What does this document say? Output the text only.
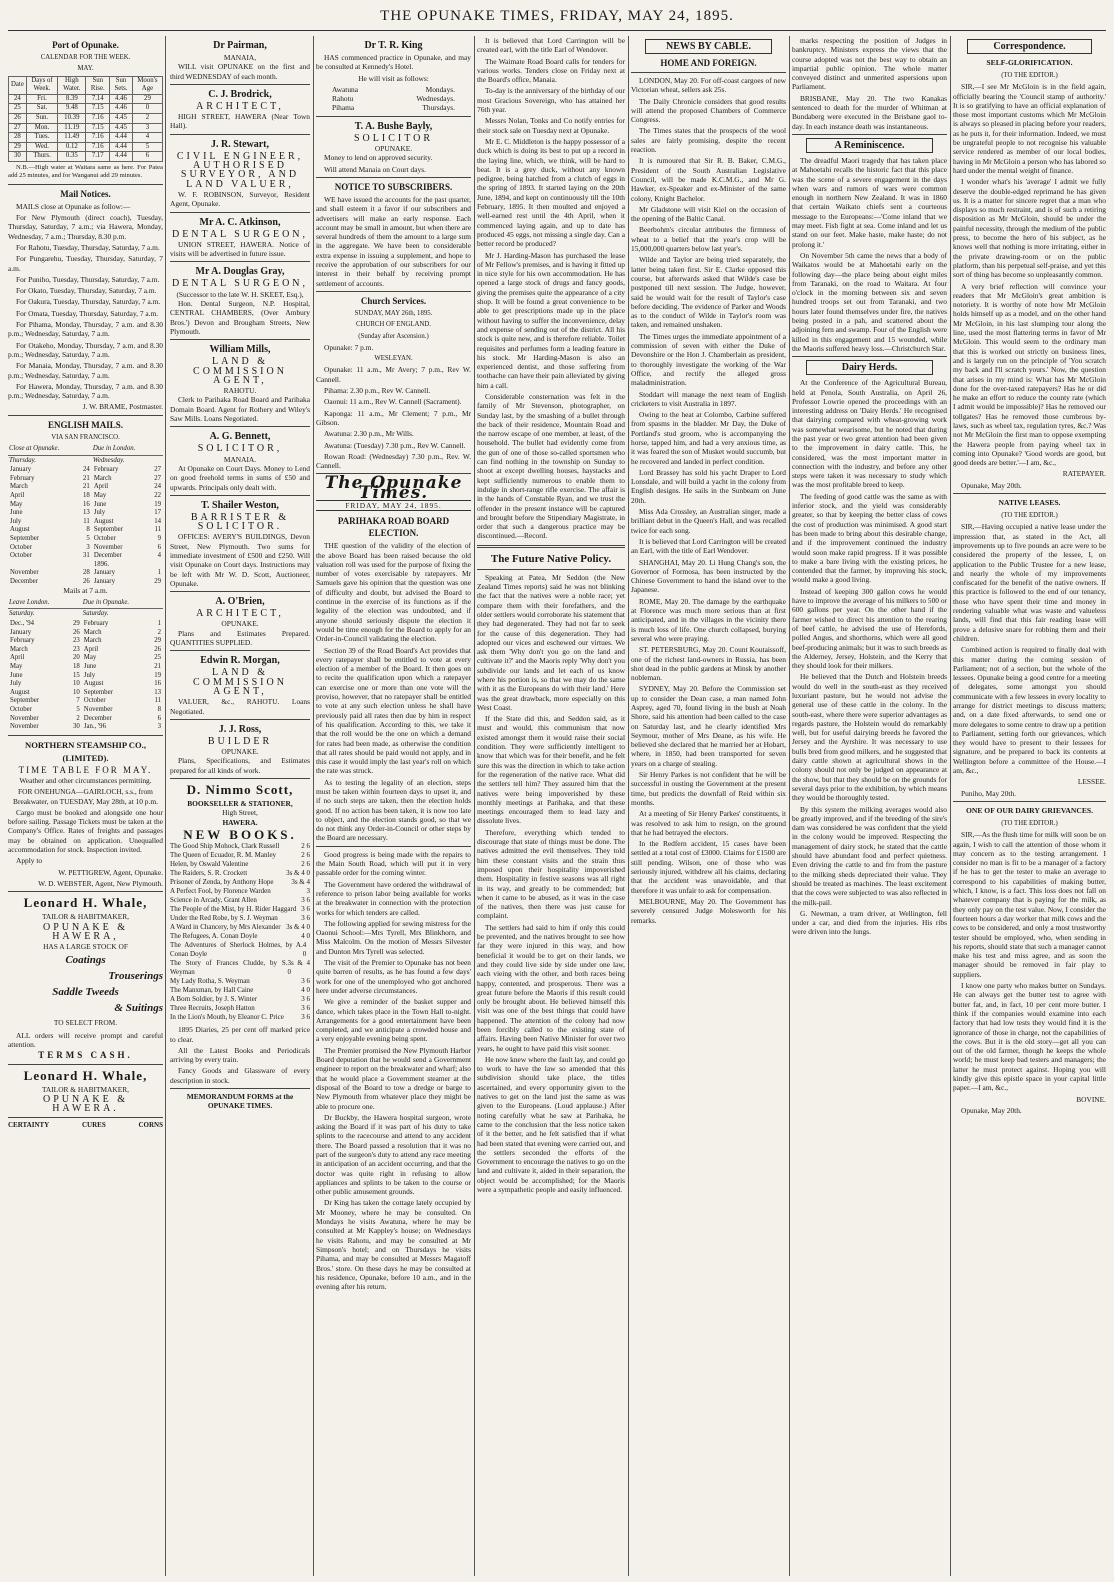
THE OPUNAKE TIMES, FRIDAY, MAY 24, 1895.
Port of Opunake.
CALENDAR FOR THE WEEK.
MAY.
Date	Days of Week.	High Water.	Sun Rise.	Sun Sets.	Moon's Age
24	Fri.	8.39	7.14	4.46	29
25	Sat.	9.48	7.15	4.46	0
26	Sun.	10.39	7.16	4.45	2
27	Mon.	11.19	7.15	4.45	3
28	Tues.	11.49	7.16	4.44	4
29	Wed.	0.12	7.16	4.44	5
30	Thurs.	0.35	7.17	4.44	6

N.B.—High water at Waitara same as here. For Patea add 25 minutes, and for Wanganui add 29 minutes.

Mail Notices.

MAILS close at Opunake as follow:—

For New Plymouth (direct coach), Tuesday, Thursday, Saturday, 7 a.m.; via Hawera, Monday, Wednesday, 7 a.m.; Thursday, 8.30 p.m.

For Rahotu, Tuesday, Thursday, Saturday, 7 a.m.

For Pungarehu, Tuesday, Thursday, Saturday, 7 a.m.

For Puniho, Tuesday, Thursday, Saturday, 7 a.m.

For Okato, Tuesday, Thursday, Saturday, 7 a.m.

For Oakura, Tuesday, Thursday, Saturday, 7 a.m.

For Omata, Tuesday, Thursday, Saturday, 7 a.m.

For Pihama, Monday, Thursday, 7 a.m. and 8.30 p.m.; Wednesday, Saturday, 7 a.m.

For Otakeho, Monday, Thursday, 7 a.m. and 8.30 p.m.; Wednesday, Saturday, 7 a.m.

For Manaia, Monday, Thursday, 7 a.m. and 8.30 p.m.; Wednesday, Saturday, 7 a.m.

For Hawera, Monday, Thursday, 7 a.m. and 8.30 p.m.; Wednesday, Saturday, 7 a.m.

J. W. BRAME, Postmaster.

ENGLISH MAILS.
VIA SAN FRANCISCO.
Close at Opunake.		Due in London.	
Thursday.		Wednesday.	
January	24	February	27
February	21	March	27
March	21	April	24
April	18	May	22
May	16	June	19
June	13	July	17
July	11	August	14
August	8	September	11
September	5	October	9
October	3	November	6
October	31	December	4
		1896.	
November	28	January	1
December	26	January	29

Mails at 7 a.m.

Leave London.		Due in Opunake.	
Saturday.		Saturday.	
Dec., '94	29	February	1
January	26	March	2
February	23	March	29
March	23	April	26
April	20	May	25
May	18	June	21
June	15	July	19
July	10	August	16
August	10	September	13
September	7	October	11
October	5	November	8
November	2	December	6
November	30	Jan., '96	3
NORTHERN STEAMSHIP CO., (LIMITED).
TIME TABLE FOR MAY.

Weather and other circumstances permitting.

FOR ONEHUNGA—GAIRLOCH, s.s., from Breakwater, on TUESDAY, May 28th, at 10 p.m.

Cargo must be booked and alongside one hour before sailing. Passage Tickets must be taken at the Company's Office. Rates of freights and passages may be obtained on application. Unequalled accommodation for stock. Inspection invited.

Apply to

W. PETTIGREW, Agent, Opunake.

W. D. WEBSTER, Agent, New Plymouth.

Leonard H. Whale,
TAILOR & HABITMAKER,
OPUNAKE & HAWERA,
HAS A LARGE STOCK OF
Coatings
Trouserings
Saddle Tweeds
& Suitings
TO SELECT FROM.

ALL orders will receive prompt and careful attention.

TERMS CASH.
Leonard H. Whale,
TAILOR & HABITMAKER,
OPUNAKE & HAWERA.
CERTAINTY	CURES	CORNS
Dr Pairman,
MANAIA,

WILL visit OPUNAKE on the first and third WEDNESDAY of each month.

C. J. Brodrick,
ARCHITECT,

HIGH STREET, HAWERA (Near Town Hall).

J. R. Stewart,
CIVIL ENGINEER, AUTHORISED SURVEYOR, AND LAND VALUER,

W. F. ROBINSON, Surveyor, Resident Agent, Opunake.

Mr A. C. Atkinson,
DENTAL SURGEON,

UNION STREET, HAWERA. Notice of visits will be advertised in future issue.

Mr A. Douglas Gray,
DENTAL SURGEON,
(Successor to the late W. H. SKEET, Esq.),

Hon. Dental Surgeon, N.P. Hospital, CENTRAL CHAMBERS, (Over Ambury Bros.') Devon and Brougham Streets, New Plymouth.

William Mills,
LAND & COMMISSION AGENT,
RAHOTU.

Clerk to Parihaka Road Board and Parihaka Domain Board. Agent for Rothery and Wiley's Saw Mills. Loans Negotiated.

A. G. Bennett,
SOLICITOR,
MANAIA.

At Opunake on Court Days. Money to Lend on good freehold terms in sums of £50 and upwards. Principals only dealt with.

T. Shailer Weston,
BARRISTER & SOLICITOR.

OFFICES: AVERY'S BUILDINGS, Devon Street, New Plymouth. Two sums for immediate investment of £500 and £250. Will visit Opunake on Court days. Instructions may be left with Mr W. D. Scott, Auctioneer, Opunake.

A. O'Brien,
ARCHITECT,
OPUNAKE.

Plans and Estimates Prepared. QUANTITIES SUPPLIED.

Edwin R. Morgan,
LAND & COMMISSION AGENT,

VALUER, &c., RAHOTU. Loans Negotiated.

J. J. Ross,
BUILDER
OPUNAKE.

Plans, Specifications, and Estimates prepared for all kinds of work.

D. Nimmo Scott,
BOOKSELLER & STATIONER,
High Street,
HAWERA.
NEW BOOKS.
The Good Ship Mohock, Clark Russell	2 6
The Queen of Ecuador, R. M. Manley	2 6
Helen, by Oswald Valentine	2 6
The Raiders, S. R. Crockett	3s & 4 0
Prisoner of Zenda, by Anthony Hope	3s & 4
A Perfect Fool, by Florence Warden	3
Science in Arcady, Grant Allen	3 6
The People of the Mist, by H. Rider Haggard 3 6
Under the Red Robe, by S. J. Weyman	3 6
A Ward in Chancery, by Mrs Alexander 3s & 4 0
The Refugees, A. Conan Doyle	4 0
The Adventures of Sherlock Holmes, by A. Conan Doyle
4 0
The Story of Frances Cludde, by S. Weyman
3s & 4 0
My Lady Rotha, S. Weyman	3 6
The Manxman, by Hall Caine	4 0
A Born Soldier, by J. S. Winter	3 6
Three Recruits, Joseph Hatton	3 6
In the Lion's Mouth, by Eleanor C. Price 3 6

1895 Diaries, 25 per cent off marked price to clear.

All the Latest Books and Periodicals arriving by every train.

Fancy Goods and Glassware of every description in stock.

MEMORANDUM FORMS at the OPUNAKE TIMES.

Dr T. R. King

HAS commenced practice in Opunake, and may be consulted at Kennedy's Hotel.

He will visit as follows:

Awatuna	Mondays.
Rahotu	Wednesdays.
Pihama	Thursdays.
T. A. Bushe Bayly,
SOLICITOR
OPUNAKE.

Money to lend on approved security.

Will attend Manaia on Court days.

NOTICE TO SUBSCRIBERS.

WE have issued the accounts for the past quarter, and shall esteem it a favor if our subscribers and advertisers will make an early response. Each account may be small in amount, but when there are several hundreds of them the amount to a large sum in the aggregate. We have been to considerable extra expense in issuing a supplement, and hope to receive the approbation of our subscribers for our interest in their behalf by receiving prompt settlement of accounts.

Church Services.
SUNDAY, MAY 26th, 1895.
CHURCH OF ENGLAND.
(Sunday after Ascension.)

Opunake: 7 p.m.

WESLEYAN.

Opunake: 11 a.m., Mr Avery; 7 p.m., Rev W. Cannell.

Pihama: 2.30 p.m., Rev W. Cannell.

Oaonui: 11 a.m., Rev W. Cannell (Sacrament).

Kaponga: 11 a.m., Mr Clement; 7 p.m., Mr Gibson.

Awatuna: 2.30 p.m., Mr Wills.

Awatuna: (Tuesday) 7.30 p.m., Rev W. Cannell.

Rowan Road: (Wednesday) 7.30 p.m., Rev. W. Cannell.

The Opunake Times.
FRIDAY, MAY 24, 1895.
PARIHAKA ROAD BOARD ELECTION.

THE question of the validity of the election of the above Board has been raised because the old valuation roll was used for the purpose of fixing the number of votes exercisable by ratepayers. Mr Samuels gave his opinion that the question was one of difficulty and doubt, but advised the Board to continue in the exercise of its functions as if the legality of the election was undoubted, and if anyone should seriously dispute the election it would be time enough for the Board to apply for an Order-in-Council validating the election.

Section 39 of the Road Board's Act provides that every ratepayer shall be entitled to vote at every election of a member of the Board. It then goes on to recite the qualification upon which a ratepayer can exercise one or more than one vote will the proviso, however, that no ratepayer shall be entitled to vote at any such election unless he shall have previously paid all rates then due by him in respect of his qualification. According to this, we take it that the roll would be the one on which a demand for rates had been made, as otherwise the condition that all rates should be paid would not apply, and in this case it would imply the last year's roll on which the rate was struck.

As to testing the legality of an election, steps must be taken within fourteen days to upset it, and if no such steps are taken, then the election holds good. If no action has been taken, it is now too late to object, and the election stands good, so that we do not think any Order-in-Council or other steps by the Board are necessary.

Good progress is being made with the repairs to the Main South Road, which will put it in very passable order for the coming winter.

The Government have ordered the withdrawal of reference to prison labor being available for works at the breakwater in connection with the protection works for which tenders are called.

The following applied for sewing mistress for the Oaonui School:—Mrs Tyrell, Mrs Blinkhorn, and Miss Malcolm. On the motion of Messrs Silvester and Dunton Mrs Tyrell was selected.

The visit of the Premier to Opunake has not been quite barren of results, as he has found a few days' work for one of the unemployed who got anchored here under adverse circumstances.

We give a reminder of the basket supper and dance, which takes place in the Town Hall to-night. Arrangements for a good entertainment have been completed, and we anticipate a crowded house and a very enjoyable evening being spent.

The Premier promised the New Plymouth Harbor Board deputation that he would send a Government engineer to report on the breakwater and wharf; also that he would place a Government steamer at the disposal of the Board to tow a dredge or barge to New Plymouth from whatever place they might be able to procure one.

Dr Buckby, the Hawera hospital surgeon, wrote asking the Board if it was part of his duty to take splints to the racecourse and attend to any accident there. The Board passed a resolution that it was no part of the surgeon's duty to attend any race meeting in anticipation of an accident occurring, and that the doctor was quite right in refusing to allow appliances and splints to be taken to the course or other public amusement grounds.

Dr King has taken the cottage lately occupied by Mr Mooney, where he may be consulted. On Mondays he visits Awatuna, where he may be consulted at Mr Kappley's house; on Wednesdays he visits Rahotu, and may be consulted at Mr Simpson's hotel; and on Thursdays he visits Pihama, and may be consulted at Messrs Magatoff Bros.' store. On these days he may be consulted at his residence, Opunake, before 10 a.m., and in the evening after his return.

It is believed that Lord Carrington will be created earl, with the title Earl of Wendover.

The Waimate Road Board calls for tenders for various works. Tenders close on Friday next at the Board's office, Manaia.

To-day is the anniversary of the birthday of our most Gracious Sovereign, who has attained her 76th year.

Messrs Nolan, Tonks and Co notify entries for their stock sale on Tuesday next at Opunake.

Mr E. C. Middleton is the happy possessor of a duck which is doing its best to put up a record in the laying line, which, we think, will be hard to beat. It is a grey duck, without any known pedigree, being hatched from a clutch of eggs in the spring of 1893. It started laying on the 20th June, 1894, and kept on continuously till the 10th February, 1895. It then moulted and enjoyed a well-earned rest until the 4th April, when it commenced laying again, and up to date has produced 45 eggs, not missing a single day. Can a better record be produced?

Mr J. Harding-Mason has purchased the lease of Mr Fellow's premises, and is having it fitted up in nice style for his own accommodation. He has opened a large stock of drugs and fancy goods, giving the premises quite the appearance of a city shop. It will be found a great convenience to be able to get prescriptions made up in the place without having to suffer the inconvenience, delay and expense of sending out of the district. All his stock is quite new, and is therefore reliable. Toilet requisites and perfumes form a leading feature in his stock. Mr Harding-Mason is also an experienced dentist, and those suffering from toothache can have their pain alleviated by giving him a call.

Considerable consternation was felt in the family of Mr Stevenson, photographer, on Sunday last, by the smashing of a bullet through the back of their residence, Mountain Road and the narrow escape of one member, at least, of the household. The bullet had evidently come from the gun of one of those so-called sportsmen who can find nothing in the township on Sunday to shoot at except dwelling houses, haystacks and kept sufficiently numerous to enable them to indulge in short-range rifle exercise. The affair is in the hands of Constable Ryan, and we trust the offender in the present instance will be captured and brought before the Stipendiary Magistrate, in order that such a dangerous practice may be discontinued.—Record.

The Future Native Policy.

Speaking at Patea, Mr Seddon (the New Zealand Times reports) said he was not blinking the fact that the natives were a noble race; yet compare them with their forefathers, and the older settlers would corroborate his statement that they had degenerated. They had not far to seek for the cause of this degeneration. They had adopted our vices and eschewed our virtues. We ask them 'Why don't you go on the land and cultivate it?' and the Maoris reply 'Why don't you subdivide our lands and let each of us know where his portion is, so that we may do the same with it as the Europeans do with their land.' Here was the great drawback, more especially on this West Coast.

If the State did this, and Seddon said, as it must and would, this communism that now existed amongst them it would raise their social condition. They were sufficiently intelligent to know that which was for their benefit, and he felt sure this was the direction in which to take action for the regeneration of the native race. What did the settlers tell him? They assured him that the natives were being impoverished by these monthly meetings at Parihaka, and that these meetings encouraged them to lead lazy and dissolute lives.

Therefore, everything which tended to discourage that state of things must be done. The natives admitted the evil themselves. They told him these constant visits and the strain thus imposed upon their hospitality impoverished them. Hospitality in festive seasons was all right in its way, and greatly to be commended; but when it came to be abused, as it was in the case of the natives, then there was just cause for complaint.

The settlers had said to him if only this could be prevented, and the natives brought to see how far they were injured in this way, and how beneficial it would be to get on their lands, we and they could live side by side under one law, each vieing with the other, and both races being happy, contented, and prosperous. There was a great future before the Maoris if this result could only be brought about. He believed himself this visit was one of the best things that could have happened. The attention of the colony had now been forcibly called to the existing state of affairs. Having been Native Minister for over two years, he ought to have paid this visit sooner.

He now knew where the fault lay, and could go to work to have the law so amended that this subdivision should take place, the titles ascertained, and every opportunity given to the natives to get on the land just the same as was given to the Europeans. (Loud applause.) After noting carefully what he saw at Parihaka, he came to the conclusion that the less notice taken of it the better, and he felt satisfied that if what had been stated that evening were carried out, and the settlers seconded the efforts of the Government to encourage the natives to go on the land and cultivate it, aided in their separation, the object would be accomplished; for the Maoris were a sympathetic people and easily influenced.

NEWS BY CABLE.
HOME AND FOREIGN.

LONDON, May 20. For off-coast cargoes of new Victorian wheat, sellers ask 25s.

The Daily Chronicle considers that good results will attend the proposed Chambers of Commerce Congress.

The Times states that the prospects of the wool sales are fairly promising, despite the recent reaction.

It is rumoured that Sir R. B. Baker, C.M.G., President of the South Australian Legislative Council, will be made K.C.M.G., and Mr G. Hawker, ex-Speaker and ex-Minister of the same colony, Knight Bachelor.

Mr Gladstone will visit Kiel on the occasion of the opening of the Baltic Canal.

Beerbohm's circular attributes the firmness of wheat to a belief that the year's crop will be 15,000,000 quarters below last year's.

Wilde and Taylor are being tried separately, the latter being taken first. Sir E. Clarke opposed this course, but afterwards asked that Wilde's case be postponed till next session. The Judge, however, said he would wait for the result of Taylor's case before deciding. The evidence of Parker and Woods as to the conduct of Wilde in Taylor's room was taken, and remained unshaken.

The Times urges the immediate appointment of a commission of seven with either the Duke of Devonshire or the Hon J. Chamberlain as president, to thoroughly investigate the working of the War Office, and rectify the alleged gross maladministration.

Stoddart will manage the next team of English cricketers to visit Australia in 1897.

Owing to the heat at Colombo, Carbine suffered from spasms in the bladder. Mr Day, the Duke of Portland's stud groom, who is accompanying the horse, tapped him, and had a very anxious time, as it was feared the son of Musket would succumb, but he recovered and landed in perfect condition.

Lord Brassey has sold his yacht Draper to Lord Lonsdale, and will build a yacht in the colony from English designs. He sails in the Sunbeam on June 20th.

Miss Ada Crossley, an Australian singer, made a brilliant debut in the Queen's Hall, and was recalled twice for each song.

It is believed that Lord Carrington will be created an Earl, with the title of Earl Wendover.

SHANGHAI, May 20. Li Hung Chang's son, the Governor of Formosa, has been instructed by the Chinese Government to hand the island over to the Japanese.

ROME, May 20. The damage by the earthquake at Florence was much more serious than at first anticipated, and in the villages in the vicinity there is much loss of life. One church collapsed, burying several who were praying.

ST. PETERSBURG, May 20. Count Koutaissoff, one of the richest land-owners in Russia, has been shot dead in the public gardens at Minsk by another nobleman.

SYDNEY, May 20. Before the Commission set up to consider the Dean case, a man named John Asprey, aged 70, found living in the bush at Noah Shore, said his attention had been called to the case on Saturday last, and he clearly identified Mrs Seymour, mother of Mrs Deane, as his wife. He believed she declared that he married her at Hobart, where, in 1850, had been transported for seven years on a charge of stealing.

Sir Henry Parkes is not confident that he will be successful in ousting the Government at the present time, but predicts the downfall of Reid within six months.

At a meeting of Sir Henry Parkes' constituents, it was resolved to ask him to resign, on the ground that he had betrayed the electors.

In the Redfern accident, 15 cases have been settled at a total cost of £3000. Claims for £1500 are still pending. Wilson, one of those who was seriously injured, withdrew all his claims, declaring that the accident was unavoidable, and that therefore it was unfair to ask for compensation.

MELBOURNE, May 20. The Government has severely censured Judge Molesworth for his remarks.

marks respecting the position of Judges in bankruptcy. Ministers express the views that the course adopted was not the best way to obtain an impartial public opinion. The whole matter conveyed distinct and unmerited aspersions upon Parliament.

BRISBANE, May 20. The two Kanakas sentenced to death for the murder of Whitman at Bundaberg were executed in the Brisbane gaol to-day. In each instance death was instantaneous.

A Reminiscence.

The dreadful Maori tragedy that has taken place at Mahoetahi recalls the historic fact that this place was the scene of a severe engagement in the days when wars and rumors of wars were common enough in northern New Zealand. It was in 1860 that certain Waikato chiefs sent a courteous message to the Europeans:—'Come inland that we may meet. Fish fight at sea. Come inland and let us stand on our feet. Make haste, make haste; do not prolong it.'

On November 5th came the news that a body of Waikatos would be at Mahoetahi early on the following day—the place being about eight miles from Taranaki, on the road to Waitara. At four o'clock in the morning between six and seven hundred troops set out from Taranaki, and two hours later found themselves under fire, the natives being posted in a pah, and scattered about the adjoining fern and swamp. Four of the English were killed in this engagement and 15 wounded, while the Maoris suffered heavy loss.—Christchurch Star.

Dairy Herds.

At the Conference of the Agricultural Bureau, held at Penola, South Australia, on April 26, Professor Lowrie opened the proceedings with an interesting address on 'Dairy Herds.' He recognised that dairying compared with wheat-growing work was somewhat wearisome, but he noted that during the past year or two great attention had been given to the improvement in dairy cattle. This, he considered, was the most important matter in connection with the industry, and before any other steps were taken it was necessary to study which was the most profitable breed to keep.

The feeding of good cattle was the same as with inferior stock, and the yield was considerably greater, so that by keeping the better class of cows the cost of production was minimised. A good start has been made to bring about this desirable change, and if the improvement continued the industry would soon make rapid progress. If it was possible to make a bare living with the existing prices, he contended that the farmer, by improving his stock, would make a good living.

Instead of keeping 300 gallon cows he would have to improve the average of his milkers to 500 or 600 gallons per year. On the other hand if the farmer wished to direct his attention to the rearing of beef cattle, he advised the use of Herefords, polled Angus, and shorthorns, which were all good beef-producing animals; but it was to such breeds as the Alderney, Jersey, Holstein, and the Kerry that they should look for their milkers.

He believed that the Dutch and Holstein breeds would do well in the south-east as they received luxuriant pasture, but he would not advise the general use of these cattle in the colony. In the south-east, where there were superior advantages as regards pasture, the Holstein would do remarkably well, but for useful dairying breeds he favored the Jersey and the Ayrshire. It was necessary to use bulls bred from good milkers, and he suggested that dairy cattle shown at agricultural shows in the colony should not only be judged on appearance at the show, but that they should be on the grounds for several days prior to the exhibition, by which means they would be thoroughly tested.

By this system the milking averages would also be greatly improved, and if the breeding of the sire's dam was considered he was confident that the yield in the colony would be improved. Respecting the management of dairy stock, he stated that the cattle should have abundant food and perfect quietness. Even driving the cattle to and fro from the pasture to the milking sheds depreciated their value. They should be treated as machines. The least excitement that the cows were subjected to was also reflected in the milk-pail.

G. Newman, a tram driver, at Wellington, fell under a car, and died from the injuries. His ribs were driven into the lungs.

Correspondence.
SELF-GLORIFICATION.
(TO THE EDITOR.)

SIR,—I see Mr McGloin is in the field again, officially bearing the 'Council stamp of authority.' It is so gratifying to have an official explanation of those most important customs which Mr McGloin is always so pleased in placing before your readers, as he puts it, for their information. Indeed, we must be ungrateful people to not recognise his valuable service rendered as member of our local bodies, having in Mr McGloin a person who has labored so hard under the mental weight of finance.

I wonder what's his 'average' I admit we fully deserve the double-edged reprimand he has given us. It is a matter for sincere regret that a man who displays so much restraint, and is of such a retiring disposition as Mr McGloin, should be under the painful necessity, through the medium of the public press, to become the hero of his subject, as he knows well that nothing is more irritating, either in the private drawing-room or on the public platform, than his perpetual self-praise, and yet this sort of thing has become so unpleasantly common.

A very brief reflection will convince your readers that Mr McGloin's great ambition is notoriety. It is worthy of note how Mr McGloin holds himself up as a model, and on the other hand Mr McGloin, in his last slumping tour along the line, used the most flattering terms in favor of Mr McGloin. This would seem to the ordinary man that this is worked out strictly on business lines, and is largely run on the principle of 'You scratch my back and I'll scratch yours.' Now, the question that arises in my mind is: What has Mr McGloin done for the over-taxed ratepayers? Has he or did he make an effort to reduce the county rate (which I admit would be impossible)? Has he removed our tollgates? Has he removed those cumbrous by-laws, such as wheel tax, regulation tyres, &c.? Was not Mr McGloin the first man to oppose exempting the Hawera people from paying wheel tax in coming into Opunake? 'Good words are good, but good deeds are better.'—I am, &c.,

RATEPAYER.

Opunake, May 20th.

NATIVE LEASES.
(TO THE EDITOR.)

SIR,—Having occupied a native lease under the impression that, as stated in the Act, all improvements up to five pounds an acre were to be considered the property of the lessee, I, on application to the Public Trustee for a new lease, and nearly the whole of my improvements confiscated for the benefit of the native owners. If this practice is followed to the end of our tenancy, those who have spent their time and money in rendering valuable what was waste and valueless lands, will find that this fair reading lease will prove a delusive snare for robbing them and their children.

Combined action is required to finally deal with this matter during the coming session of Parliament; not of a section, but the whole of the lessees. Opunake being a good centre for a meeting of delegates, some amongst you should communicate with a few lessees in every locality to arrange for district meetings to discuss matters; and, on a date fixed afterwards, to send one or more delegates to some centre to draw up a petition to Parliament, setting forth our grievances, which they would have to present to their lessees for signature, and be prepared to back its contents at Wellington before a committee of the House.—I am, &c.,

LESSEE.

Puniho, May 20th.

ONE OF OUR DAIRY GRIEVANCES.
(TO THE EDITOR.)

SIR,—As the flush time for milk will soon be on again, I wish to call the attention of those whom it may concern as to the testing arrangement. I consider no man is fit to be a manager of a factory if he has to get the tester to make an average to correspond to his capabilities of making butter, which, I know, is a fact. This loss does not fall on whatever company that is paying for the milk, as they only pay on the test value. Now, I consider the fourteen hours a day worker that milk cows and the cows to be considered, and only a most trustworthy tester should be employed, who, when sending in his reports, should state that such a manager cannot make his test and miss agree, and as soon the manager should be removed in fair play to suppliers.

I know one party who makes butter on Sundays. He can always get the butter test to agree with butter fat, and, in fact, 10 per cent more butter. I think if the companies would examine into each factory that had low tests they would find it is the ignorance of those in charge, not the capabilities of the cows. But it is the old story—get all you can out of the old farmer, though he keeps the whole world; he must keep bad testers and managers; the latter he must protect against. Hoping you will kindly give this epistle space in your capital little paper.—I am, &c.,

BOVINE.

Opunake, May 20th.
